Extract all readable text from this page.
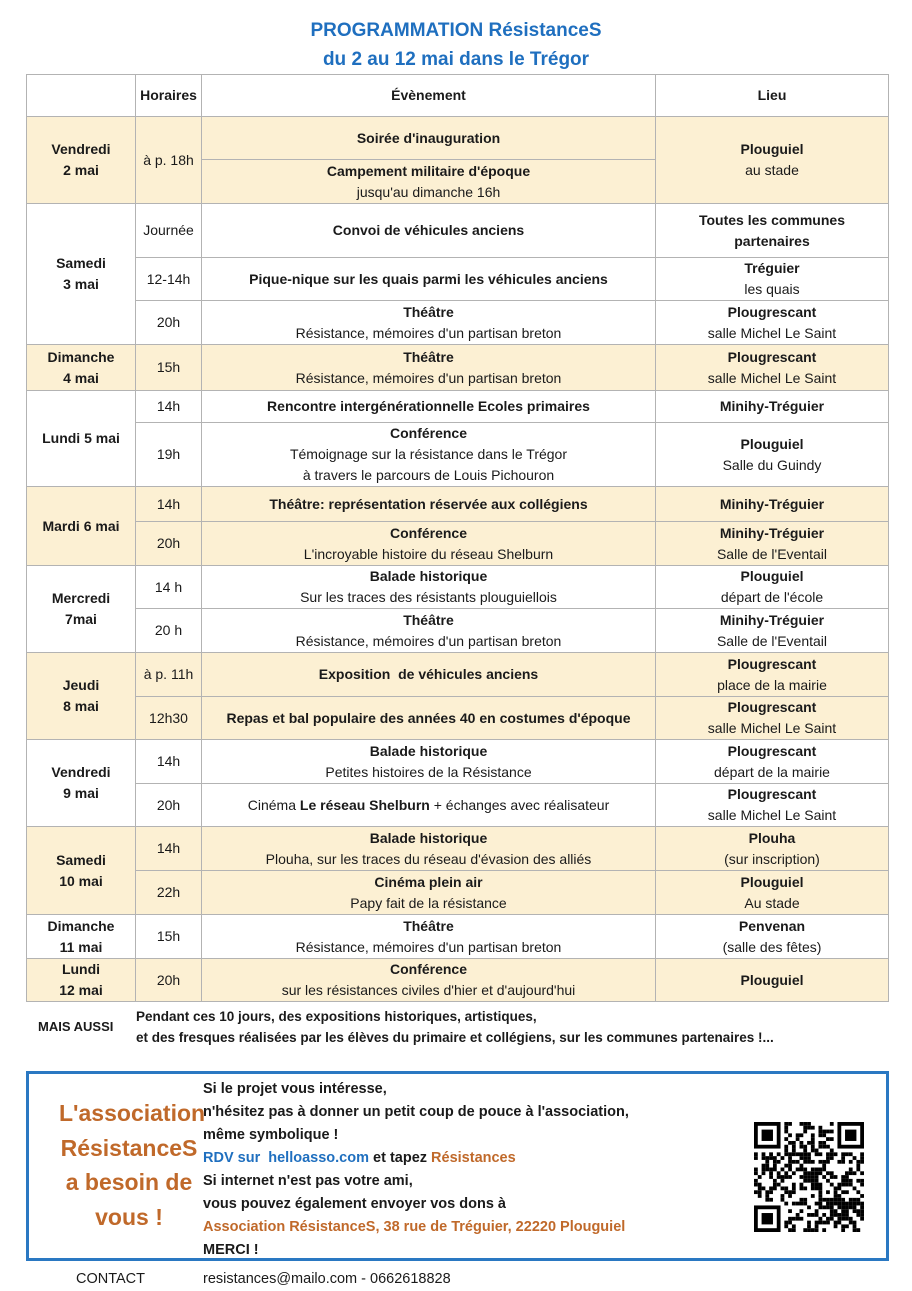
PROGRAMMATION RésistanceS
du 2 au 12 mai dans le Trégor
	Horaires	Évènement	Lieu

Vendredi
2 mai	à p. 18h	Soirée d'inauguration	Plouguiel
au stade

		Campement militaire d'époque
jusqu'au dimanche 16h	

Samedi
3 mai	Journée	Convoi de véhicules anciens	Toutes les communes partenaires

	12-14h	Pique-nique sur les quais parmi les véhicules anciens	Tréguier
les quais

	20h	Théâtre
Résistance, mémoires d'un partisan breton	Plougrescant
salle Michel Le Saint

Dimanche
4 mai	15h	Théâtre
Résistance, mémoires d'un partisan breton	Plougrescant
salle Michel Le Saint

Lundi 5 mai	14h	Rencontre intergénérationnelle Ecoles primaires	Minihy-Tréguier

	19h	Conférence
Témoignage sur la résistance dans le Trégor
à travers le parcours de Louis Pichouron	Plouguiel
Salle du Guindy

Mardi 6 mai	14h	Théâtre: représentation réservée aux collégiens	Minihy-Tréguier

	20h	Conférence
L'incroyable histoire du réseau Shelburn	Minihy-Tréguier
Salle de l'Eventail

Mercredi
7mai	14 h	Balade historique
Sur les traces des résistants plouguiellois	Plouguiel
départ de l'école

	20 h	Théâtre
Résistance, mémoires d'un partisan breton	Minihy-Tréguier
Salle de l'Eventail

Jeudi
8 mai	à p. 11h	Exposition  de véhicules anciens	Plougrescant
place de la mairie

	12h30	Repas et bal populaire des années 40 en costumes d'époque	Plougrescant
salle Michel Le Saint

Vendredi
9 mai	14h	Balade historique
Petites histoires de la Résistance	Plougrescant
départ de la mairie

	20h	Cinéma Le réseau Shelburn + échanges avec réalisateur	Plougrescant
salle Michel Le Saint

Samedi
10 mai	14h	Balade historique
Plouha, sur les traces du réseau d'évasion des alliés	Plouha
(sur inscription)

	22h	Cinéma plein air
Papy fait de la résistance	Plouguiel
Au stade

Dimanche
11 mai	15h	Théâtre
Résistance, mémoires d'un partisan breton	Penvenan
(salle des fêtes)

Lundi
12 mai	20h	Conférence
sur les résistances civiles d'hier et d'aujourd'hui	Plouguiel
MAIS AUSSI
Pendant ces 10 jours, des expositions historiques, artistiques,
et des fresques réalisées par les élèves du primaire et collégiens, sur les communes partenaires !...
L'association RésistanceS a besoin de vous !
Si le projet vous intéresse,
n'hésitez pas à donner un petit coup de pouce à l'association,
même symbolique !
RDV sur  helloasso.com et tapez Résistances
Si internet n'est pas votre ami,
vous pouvez également envoyer vos dons à
Association RésistanceS, 38 rue de Tréguier, 22220 Plouguiel
MERCI !
CONTACT	resistances@mailo.com - 0662618828
